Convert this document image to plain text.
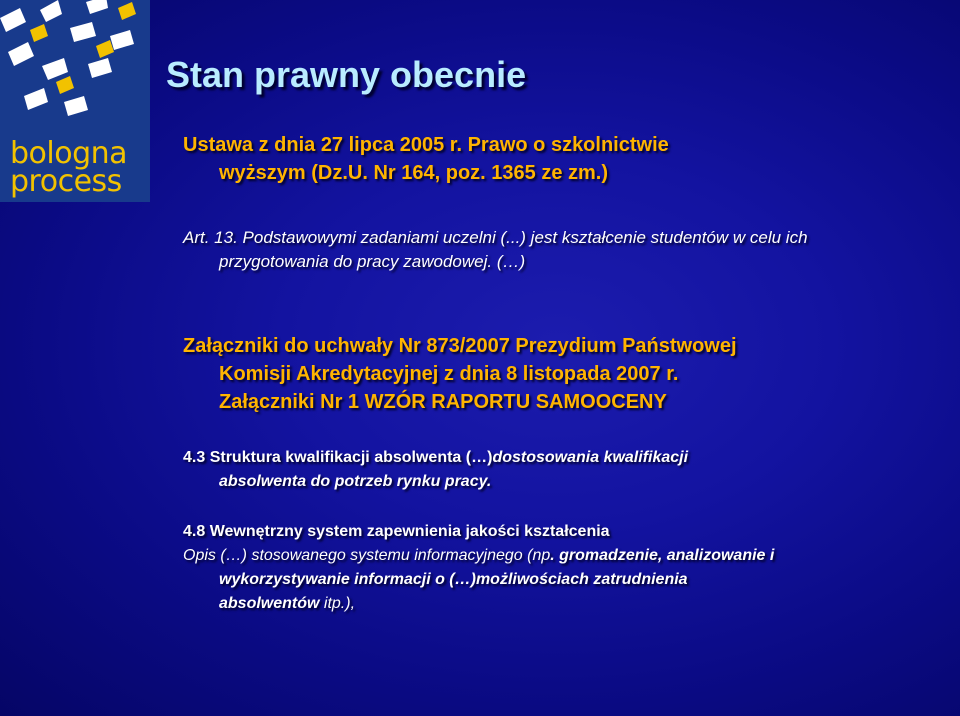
bologna
process
Stan prawny obecnie
Ustawa z dnia 27 lipca 2005 r. Prawo o szkolnictwie
wyższym (Dz.U. Nr 164, poz. 1365 ze zm.)
Art. 13. Podstawowymi zadaniami uczelni (...) jest kształcenie studentów w celu ich
przygotowania do pracy zawodowej. (…)
Załączniki do uchwały Nr 873/2007 Prezydium Państwowej
Komisji Akredytacyjnej z dnia 8 listopada 2007 r.
Załączniki Nr 1 WZÓR RAPORTU SAMOOCENY
4.3 Struktura kwalifikacji absolwenta (…)dostosowania kwalifikacji
absolwenta do potrzeb rynku pracy.
4.8 Wewnętrzny system zapewnienia jakości kształcenia
Opis (…) stosowanego systemu informacyjnego (np. gromadzenie, analizowanie i
wykorzystywanie informacji o (…)możliwościach zatrudnienia
absolwentów itp.),
